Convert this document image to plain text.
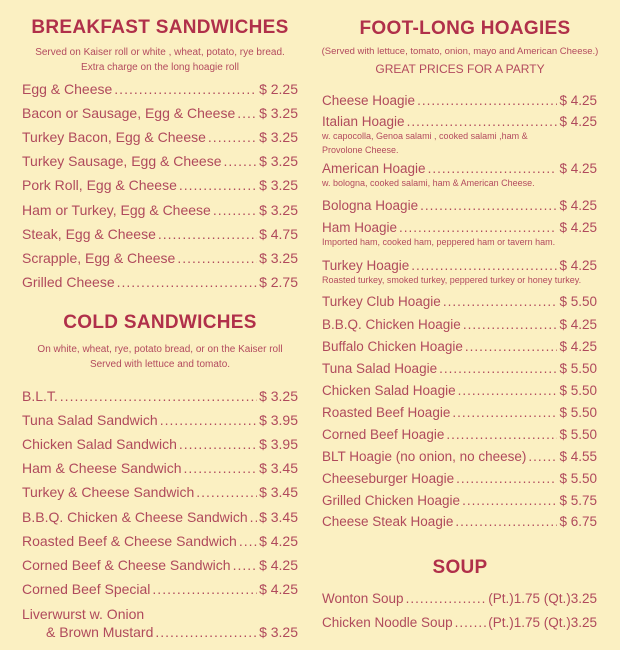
BREAKFAST SANDWICHES
Served on Kaiser roll or white , wheat, potato, rye bread.
Extra charge on the long hoagie roll
Egg & Cheese .....	$ 2.25
Bacon or Sausage, Egg & Cheese ..... $ 3.25
Turkey Bacon, Egg & Cheese .....	$ 3.25
Turkey Sausage, Egg & Cheese .....	$ 3.25
Pork Roll, Egg & Cheese .....	$ 3.25
Ham or Turkey, Egg & Cheese .....	$ 3.25
Steak, Egg & Cheese .....	$ 4.75
Scrapple, Egg & Cheese .....	$ 3.25
Grilled Cheese .....	$ 2.75
COLD SANDWICHES
On white, wheat, rye, potato bread, or on the Kaiser roll
Served with lettuce and tomato.
B.L.T. .....	$ 3.25
Tuna Salad Sandwich .....	$ 3.95
Chicken Salad Sandwich .....	$ 3.95
Ham & Cheese Sandwich .....	$ 3.45
Turkey & Cheese Sandwich .....	$ 3.45
B.B.Q. Chicken & Cheese Sandwich ..... $ 3.45
Roasted Beef & Cheese Sandwich ..... $ 4.25
Corned Beef & Cheese Sandwich ..... $ 4.25
Corned Beef Special .....	$ 4.25
Liverwurst w. Onion
& Brown Mustard .....	$ 3.25
FOOT-LONG HOAGIES
(Served with lettuce, tomato, onion, mayo and American Cheese.)
GREAT PRICES FOR A PARTY
Cheese Hoagie .....	$ 4.25
Italian Hoagie .....	$ 4.25
w. capocolla, Genoa salami , cooked salami ,ham &
Provolone Cheese.
American Hoagie .....	$ 4.25
w. bologna, cooked salami, ham & American Cheese.
Bologna Hoagie .....	$ 4.25
Ham Hoagie .....	$ 4.25
Imported ham, cooked ham, peppered ham or tavern ham.
Turkey Hoagie .....	$ 4.25
Roasted turkey, smoked turkey, peppered turkey or honey turkey.
Turkey Club Hoagie .....	$ 5.50
B.B.Q. Chicken Hoagie .....	$ 4.25
Buffalo Chicken Hoagie .....	$ 4.25
Tuna Salad Hoagie .....	$ 5.50
Chicken Salad Hoagie .....	$ 5.50
Roasted Beef Hoagie .....	$ 5.50
Corned Beef Hoagie .....	$ 5.50
BLT Hoagie (no onion, no cheese) ..... $ 4.55
Cheeseburger Hoagie .....	$ 5.50
Grilled Chicken Hoagie .....	$ 5.75
Cheese Steak Hoagie .....	$ 6.75
SOUP
Wonton Soup .....	(Pt.)1.75 (Qt.)3.25
Chicken Noodle Soup .....	(Pt.)1.75 (Qt.)3.25
